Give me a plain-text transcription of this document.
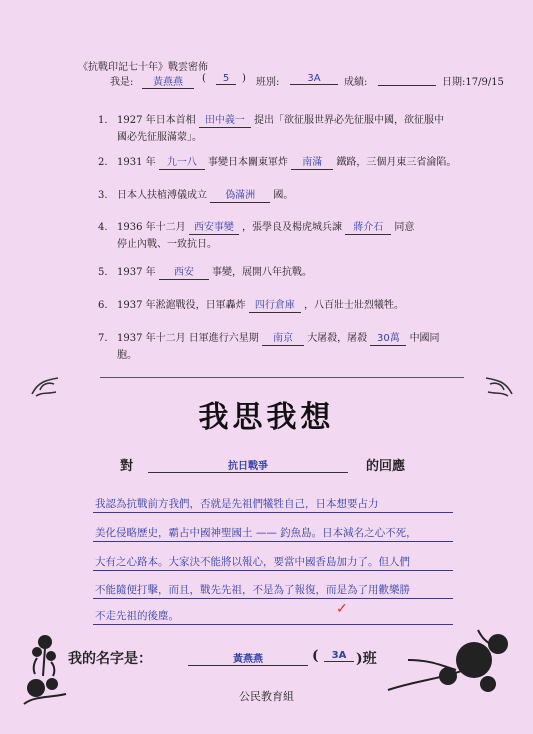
《抗戰印記七十年》戰雲密佈
我是:	黃燕燕	(	5	) 班別:	3A	成績:	日期:17/9/15
1. 1927 年日本首相 田中義一 提出「欲征服世界必先征服中國，欲征服中
國必先征服滿蒙」。
2. 1931 年 九一八 事變日本關東軍炸 南滿 鐵路，三個月東三省淪陷。
3. 日本人扶植溥儀成立 偽滿洲 國。
4. 1936 年十二月 西安事變 ，張學良及楊虎城兵諫 蔣介石 同意
停止內戰、一致抗日。
5. 1937 年 西安 事變，展開八年抗戰。
6. 1937 年淞滬戰役，日軍轟炸 四行倉庫 ，八百壯士壯烈犧牲。
7. 1937 年十二月 日軍進行六星期 南京 大屠殺，屠殺 30萬 中國同
胞。
我思我想
對	抗日戰爭	的回應
我認為抗戰前方我們，否就是先祖們犧牲自己，日本想要占力
美化侵略歷史，霸占中國神聖國土 —— 釣魚島。日本減名之心不死，
大有之心路本。大家決不能將以報心，要當中國香島加力了。但人們
不能隨便打擊，而且，戰先先祖，不是為了報復，而是為了用歡樂勝
不走先祖的後塵。	✓
我的名字是：	黃燕燕	(	3A )班
公民教育組
